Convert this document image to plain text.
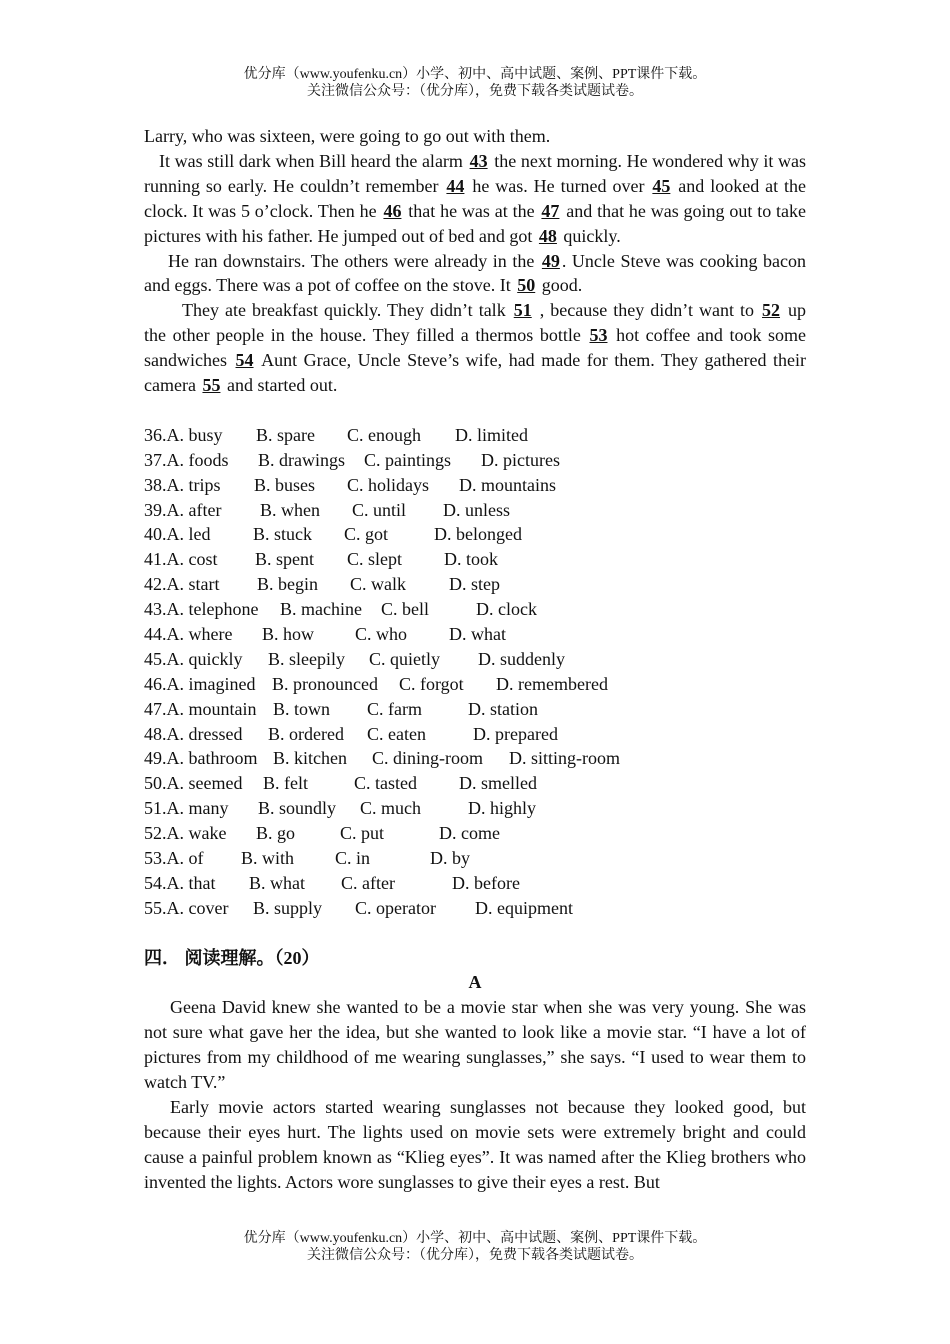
优分库（www.youfenku.cn）小学、初中、高中试题、案例、PPT课件下载。
关注微信公众号：（优分库），免费下载各类试题试卷。

Larry, who was sixteen, were going to go out with them.

It was still dark when Bill heard the alarm 43 the next morning. He wondered why it was running so early. He couldn’t remember 44 he was. He turned over 45 and looked at the clock. It was 5 o’clock. Then he 46 that he was at the 47 and that he was going out to take pictures with his father. He jumped out of bed and got 48 quickly.

He ran downstairs. The others were already in the 49 . Uncle Steve was cooking bacon and eggs. There was a pot of coffee on the stove. It 50 good.

They ate breakfast quickly. They didn’t talk 51 , because they didn’t want to 52 up the other people in the house. They filled a thermos bottle 53 hot coffee and took some sandwiches 54 Aunt Grace, Uncle Steve’s wife, had made for them. They gathered their camera 55 and started out.

36.A. busy	B. spare	C. enough	D. limited
37.A. foods	B. drawings	C. paintings	D. pictures
38.A. trips	B. buses	C. holidays	D. mountains
39.A. after	B. when	C. until	D. unless
40.A. led	B. stuck	C. got	D. belonged
41.A. cost	B. spent	C. slept	D. took
42.A. start	B. begin	C. walk	D. step
43.A. telephone	B. machine	C. bell	D. clock
44.A. where	B. how	C. who	D. what
45.A. quickly	B. sleepily	C. quietly	D. suddenly
46.A. imagined B. pronounced	C. forgot	D. remembered
47.A. mountain B. town	C. farm	D. station
48.A. dressed	B. ordered	C. eaten	D. prepared
49.A. bathroom B. kitchen	C. dining-room	D. sitting-room
50.A. seemed	B. felt	C. tasted	D. smelled
51.A. many	B. soundly	C. much	D. highly
52.A. wake	B. go	C. put	D. come
53.A. of	B. with	C. in	D. by
54.A. that	B. what	C. after	D. before
55.A. cover	B. supply	C. operator	D. equipment

四． 阅读理解。（20）

A

Geena David knew she wanted to be a movie star when she was very young. She was not sure what gave her the idea, but she wanted to look like a movie star. “I have a lot of pictures from my childhood of me wearing sunglasses,” she says. “I used to wear them to watch TV.”

Early movie actors started wearing sunglasses not because they looked good, but because their eyes hurt. The lights used on movie sets were extremely bright and could cause a painful problem known as “Klieg eyes”. It was named after the Klieg brothers who invented the lights. Actors wore sunglasses to give their eyes a rest. But

优分库（www.youfenku.cn）小学、初中、高中试题、案例、PPT课件下载。
关注微信公众号：（优分库），免费下载各类试题试卷。
